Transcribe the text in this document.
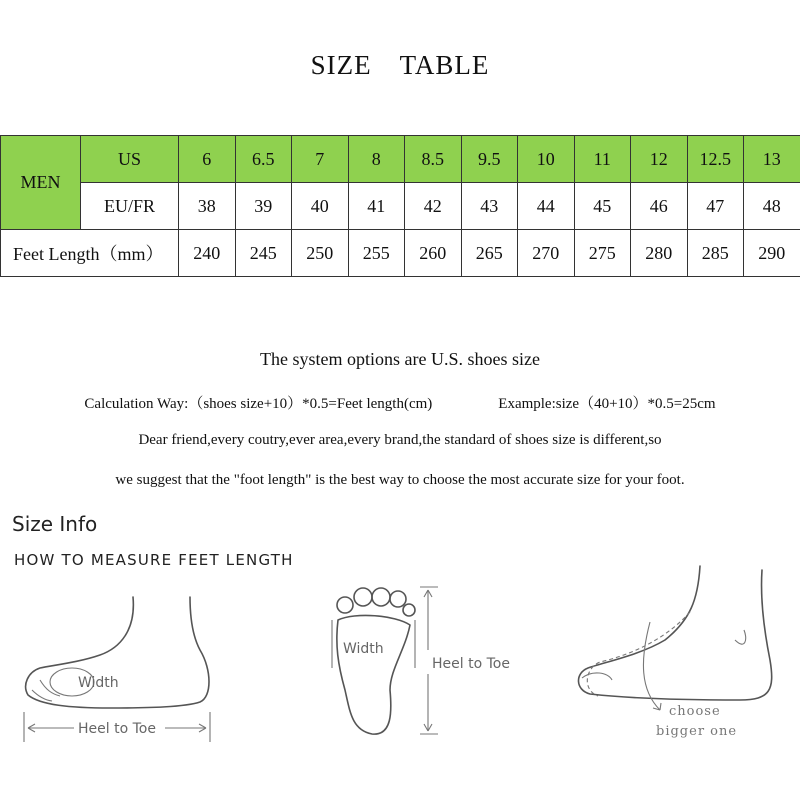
SIZE TABLE
MEN	US	6	6.5	7	8	8.5	9.5	10	11	12	12.5	13
	EU/FR	38	39	40	41	42	43	44	45	46	47	48
Feet Length（mm）		240	245	250	255	260	265	270	275	280	285	290
The system options are U.S. shoes size
Calculation Way:（shoes size+10）*0.5=Feet length(cm)	Example:size（40+10）*0.5=25cm
Dear friend,every coutry,ever area,every brand,the standard of shoes size is different,so
we suggest that the "foot length" is the best way to choose the most accurate size for your foot.
Size Info
HOW TO MEASURE FEET LENGTH
Width
Heel to Toe
Width
Heel to Toe
choose
bigger one
